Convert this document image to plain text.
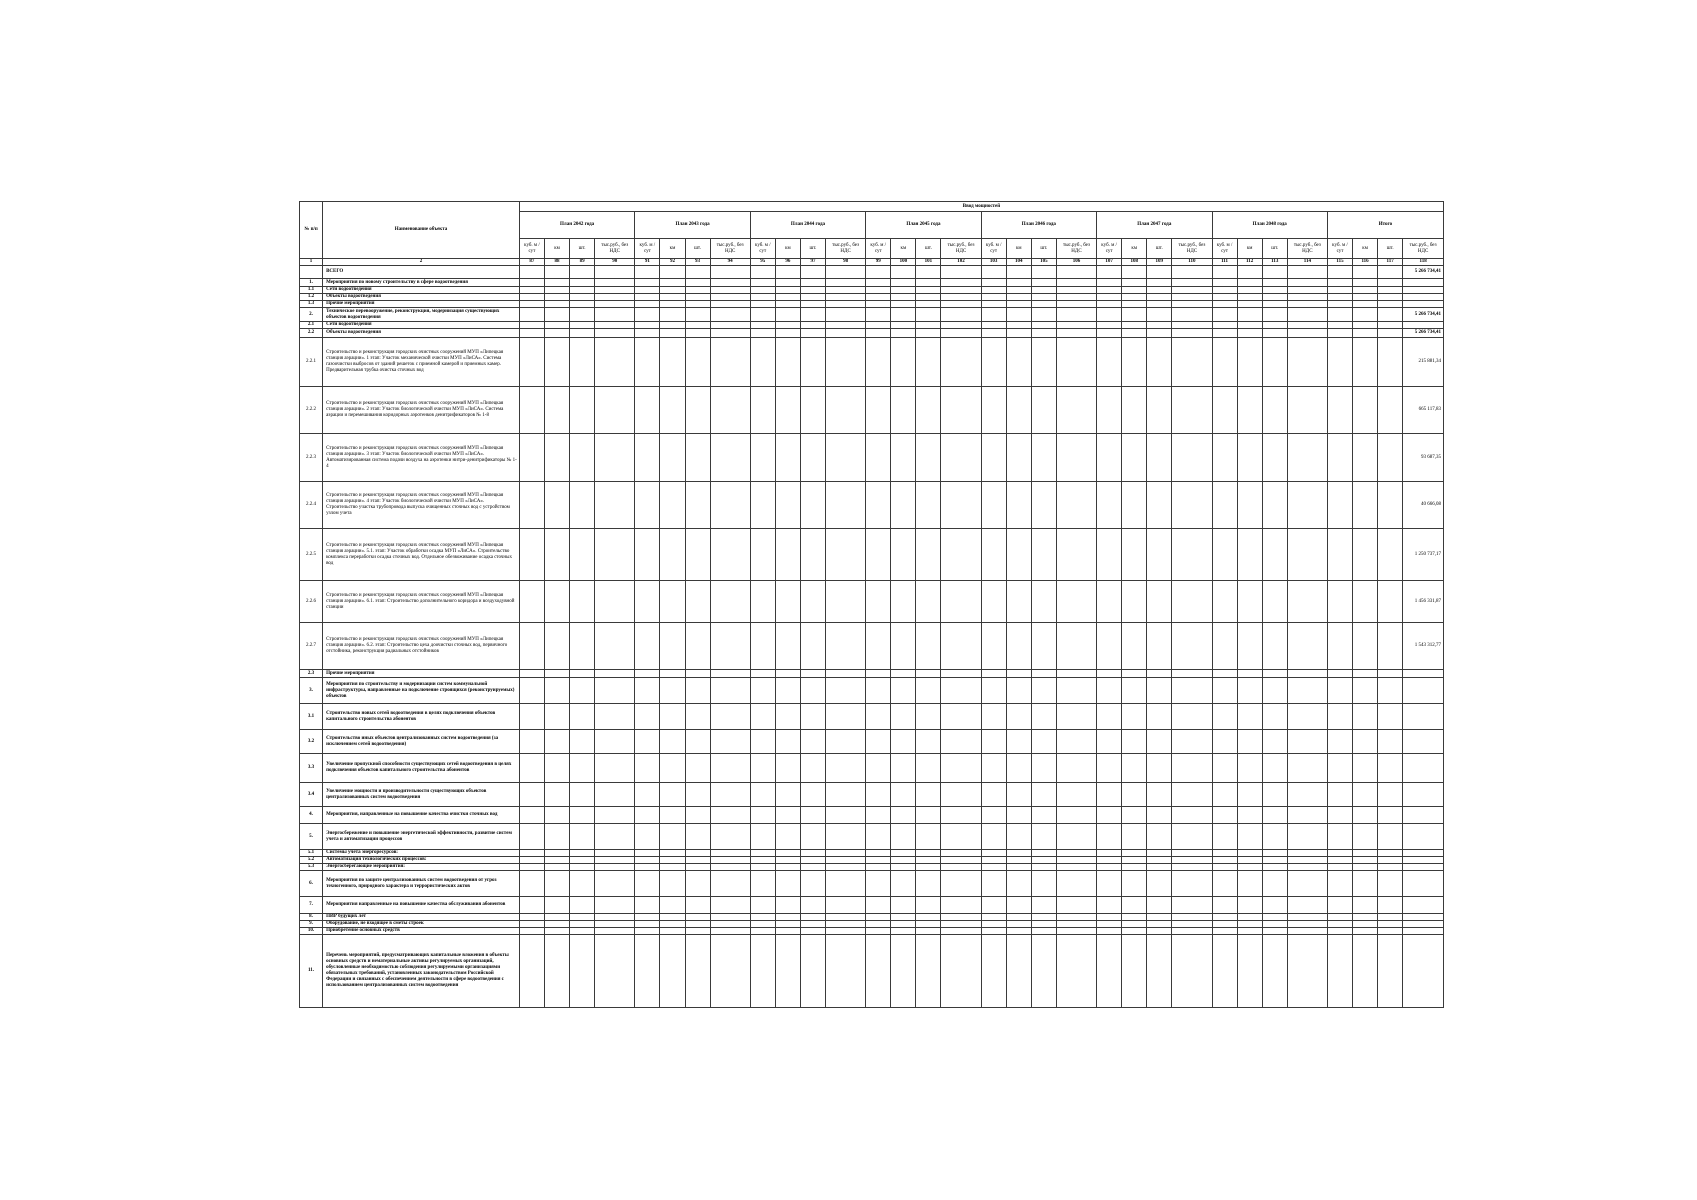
№ п/п	Наименование объекта	Ввод мощностей																															
		План 2042 года				План 2043 года				План 2044 года				План 2045 года				План 2046 года				План 2047 года				План 2048 года				Итого			
		куб. м / сут	км	шт.	тыс.руб., без НДС	куб. м / сут	км	шт.	тыс.руб., без НДС	куб. м / сут	км	шт.	тыс.руб., без НДС	куб. м / сут	км	шт.	тыс.руб., без НДС	куб. м / сут	км	шт.	тыс.руб., без НДС	куб. м / сут	км	шт.	тыс.руб., без НДС	куб. м / сут	км	шт.	тыс.руб., без НДС	куб. м / сут	км	шт.	тыс.руб., без НДС
1	2	87	88	89	90	91	92	93	94	95	96	97	98	99	100	101	102	103	104	105	106	107	108	109	110	111	112	113	114	115	116	117	118
	ВСЕГО																																5 266 734,41
1.	Мероприятия по новому строительству в сфере водоотведения																																
1.1	Сети водоотведения																																
1.2	Объекты водоотведения																																
1.3	Прочие мероприятия																																
2.	Техническое перевооружение, реконструкция, модернизация существующих объектов водоотведения																																5 266 734,41
2.1	Сети водоотведения																																
2.2	Объекты водоотведения																																5 266 734,41
2.2.1	Строительство и реконструкция городских очистных сооружений МУП «Липецкая станция аэрации». 1 этап: Участок механической очистки МУП «ЛиСА». Система газоочистки выбросов от зданий решеток с приемной камерой и приемных камер. Предварительная трубка очистка сточных вод																																215 881,34
2.2.2	Строительство и реконструкция городских очистных сооружений МУП «Липецкая станция аэрации». 2 этап: Участок биологической очистки МУП «ЛиСА». Система аэрации и перемешивания коридорных аэротенков денитрификаторов № 1-8																																665 117,83
2.2.3	Строительство и реконструкция городских очистных сооружений МУП «Липецкая станция аэрации». 3 этап: Участок биологической очистки МУП «ЛиСА». Автоматизированная система подачи воздуха на аэротенки нитри-денитрификаторы № 1-4																																93 687,35
2.2.4	Строительство и реконструкция городских очистных сооружений МУП «Липецкая станция аэрации». 4 этап: Участок биологической очистки МУП «ЛиСА». Строительство участка трубопровода выпуска очищенных сточных вод с устройством узлом учета																																40 666,08
2.2.5	Строительство и реконструкция городских очистных сооружений МУП «Липецкая станция аэрации». 5.1. этап: Участок обработки осадка МУП «ЛиСА». Строительство комплекса переработки осадка сточных вод. Отдельное обезвоживание осадка сточных вод																																1 250 737,17
2.2.6	Строительство и реконструкция городских очистных сооружений МУП «Липецкая станция аэрации». 6.1. этап: Строительство дополнительного коридора и воздуходувной станции																																1 456 331,87
2.2.7	Строительство и реконструкция городских очистных сооружений МУП «Липецкая станция аэрации». 6.2. этап: Строительство цеха доочистки сточных вод, первичного отстойника, реконструкция радиальных отстойников																																1 543 312,77
2.3	Прочие мероприятия																																
3.	Мероприятия по строительству и модернизации систем коммунальной инфраструктуры, направленные на подключение строящихся (реконструируемых) объектов																																
3.1	Строительство новых сетей водоотведения в целях подключения объектов капитального строительства абонентов																																
3.2	Строительство иных объектов централизованных систем водоотведения (за исключением сетей водоотведения)																																
3.3	Увеличение пропускной способности существующих сетей водоотведения в целях подключения объектов капитального строительства абонентов																																
3.4	Увеличение мощности и производительности существующих объектов централизованных систем водоотведения																																
4.	Мероприятия, направленные на повышение качества очистки сточных вод																																
5.	Энергосбережение и повышение энергетической эффективности, развитие систем учета и автоматизации процессов																																
5.1	Системы учета энергоресурсов:																																
5.2	Автоматизация технологических процессов:																																
5.3	Энергосберегающие мероприятия:																																
6.	Мероприятия по защите централизованных систем водоотведения от угроз техногенного, природного характера и террористических актов																																
7.	Мероприятия направленные на повышение качества обслуживания абонентов																																
8.	ПИР будущих лет																																
9.	Оборудование, не входящее в сметы строек																																
10.	Приобретение основных средств																																
11.	Перечень мероприятий, предусматривающих капитальные вложения в объекты основных средств и нематериальные активы регулируемых организаций, обусловленные необходимостью соблюдения регулируемыми организациями обязательных требований, установленных законодательством Российской Федерации и связанных с обеспечением деятельности в сфере водоотведения с использованием централизованных систем водоотведения																																
